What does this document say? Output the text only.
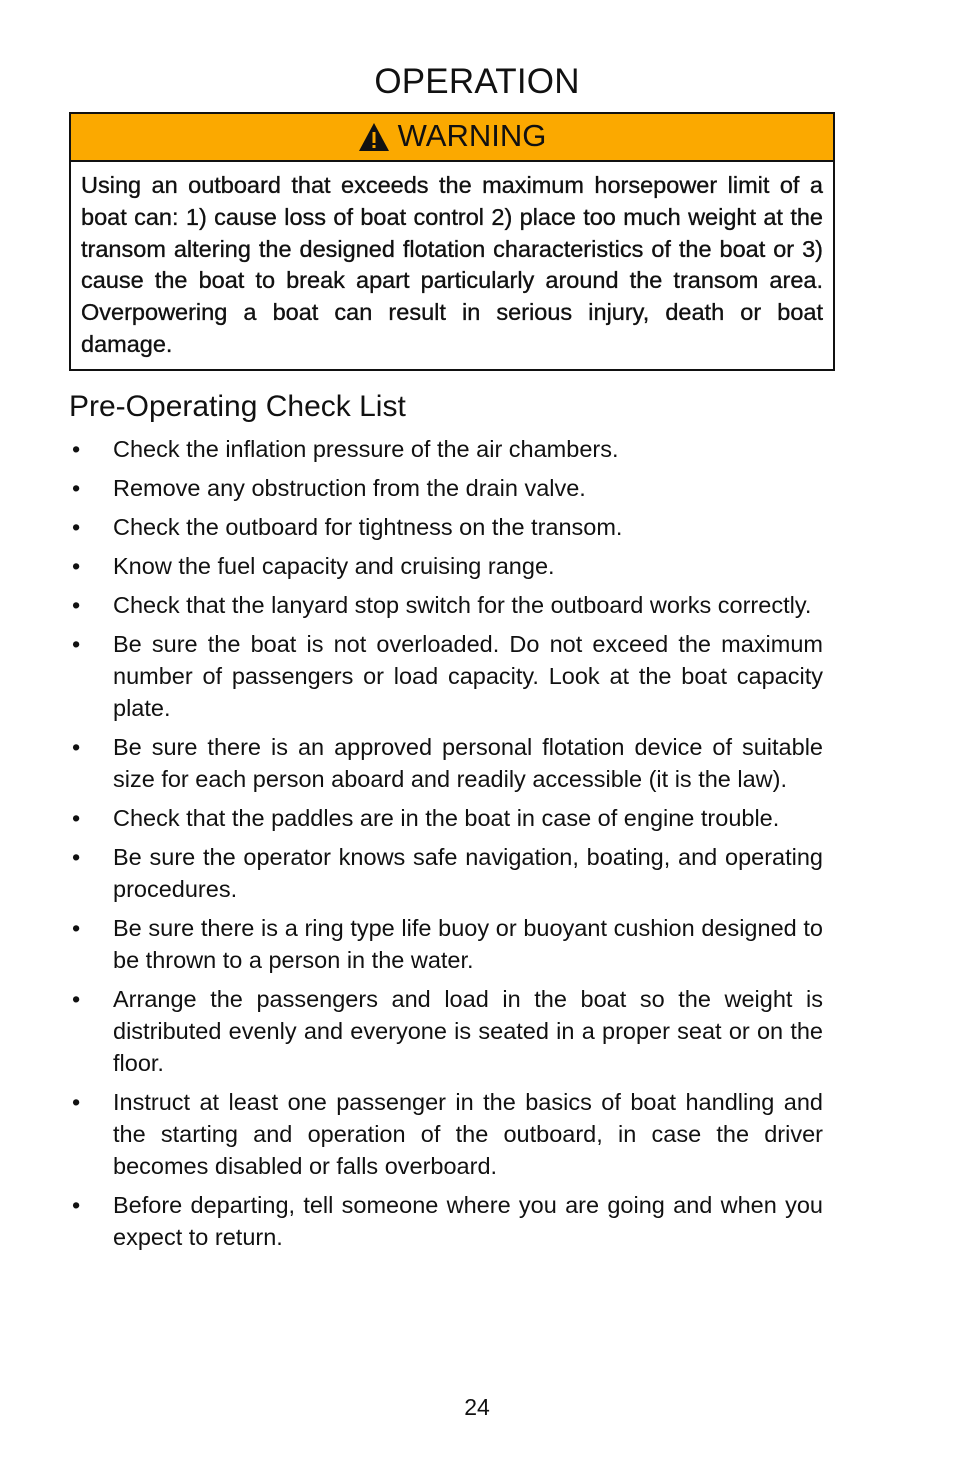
OPERATION
WARNING
Using an outboard that exceeds the maximum horsepower limit of a boat can: 1) cause loss of boat control 2) place too much weight at the transom altering the designed flotation characteristics of the boat or 3) cause the boat to break apart particularly around the transom area. Overpowering a boat can result in serious injury, death or boat damage.
Pre-Operating Check List
• Check the inflation pressure of the air chambers.
• Remove any obstruction from the drain valve.
• Check the outboard for tightness on the transom.
• Know the fuel capacity and cruising range.
• Check that the lanyard stop switch for the outboard works correctly.
• Be sure the boat is not overloaded. Do not exceed the maximum number of passengers or load capacity. Look at the boat capacity plate.
• Be sure there is an approved personal flotation device of suitable size for each person aboard and readily accessible (it is the law).
• Check that the paddles are in the boat in case of engine trouble.
• Be sure the operator knows safe navigation, boating, and operating procedures.
• Be sure there is a ring type life buoy or buoyant cushion designed to be thrown to a person in the water.
• Arrange the passengers and load in the boat so the weight is distributed evenly and everyone is seated in a proper seat or on the floor.
• Instruct at least one passenger in the basics of boat handling and the starting and operation of the outboard, in case the driver becomes disabled or falls overboard.
• Before departing, tell someone where you are going and when you expect to return.
24
